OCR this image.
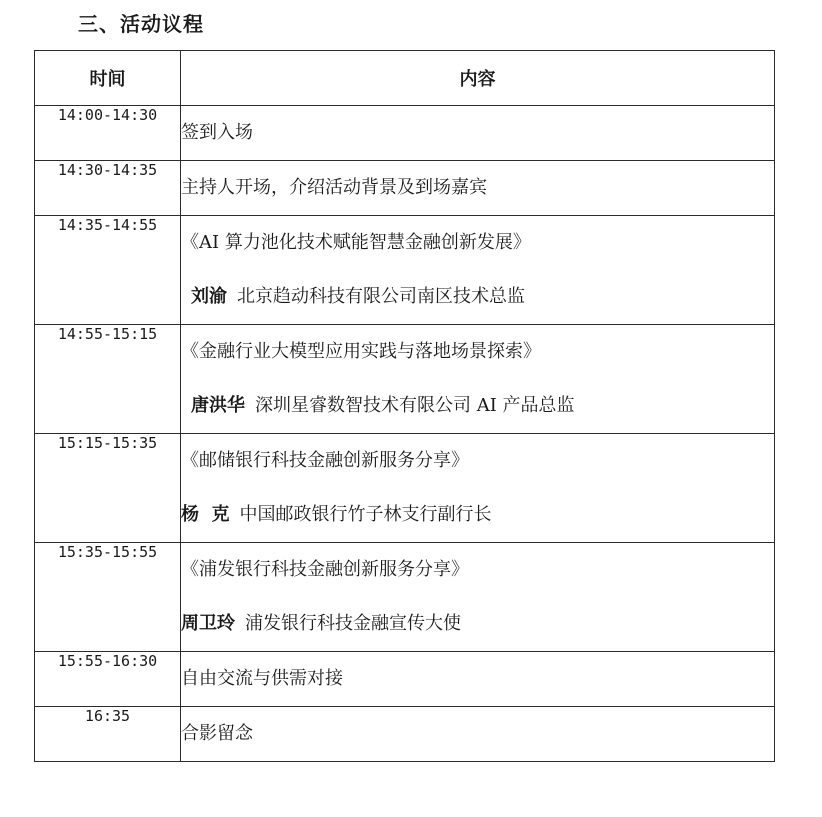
三、活动议程
时间	内容
14:00-14:30	签到入场

14:30-14:35	主持人开场，介绍活动背景及到场嘉宾

14:35-14:55	《AI 算力池化技术赋能智慧金融创新发展》
刘渝 北京趋动科技有限公司南区技术总监

14:55-15:15	《金融行业大模型应用实践与落地场景探索》
唐洪华 深圳星睿数智技术有限公司 AI 产品总监

15:15-15:35	《邮储银行科技金融创新服务分享》
杨  克 中国邮政银行竹子林支行副行长

15:35-15:55	《浦发银行科技金融创新服务分享》
周卫玲 浦发银行科技金融宣传大使

15:55-16:30	自由交流与供需对接

16:35	合影留念
